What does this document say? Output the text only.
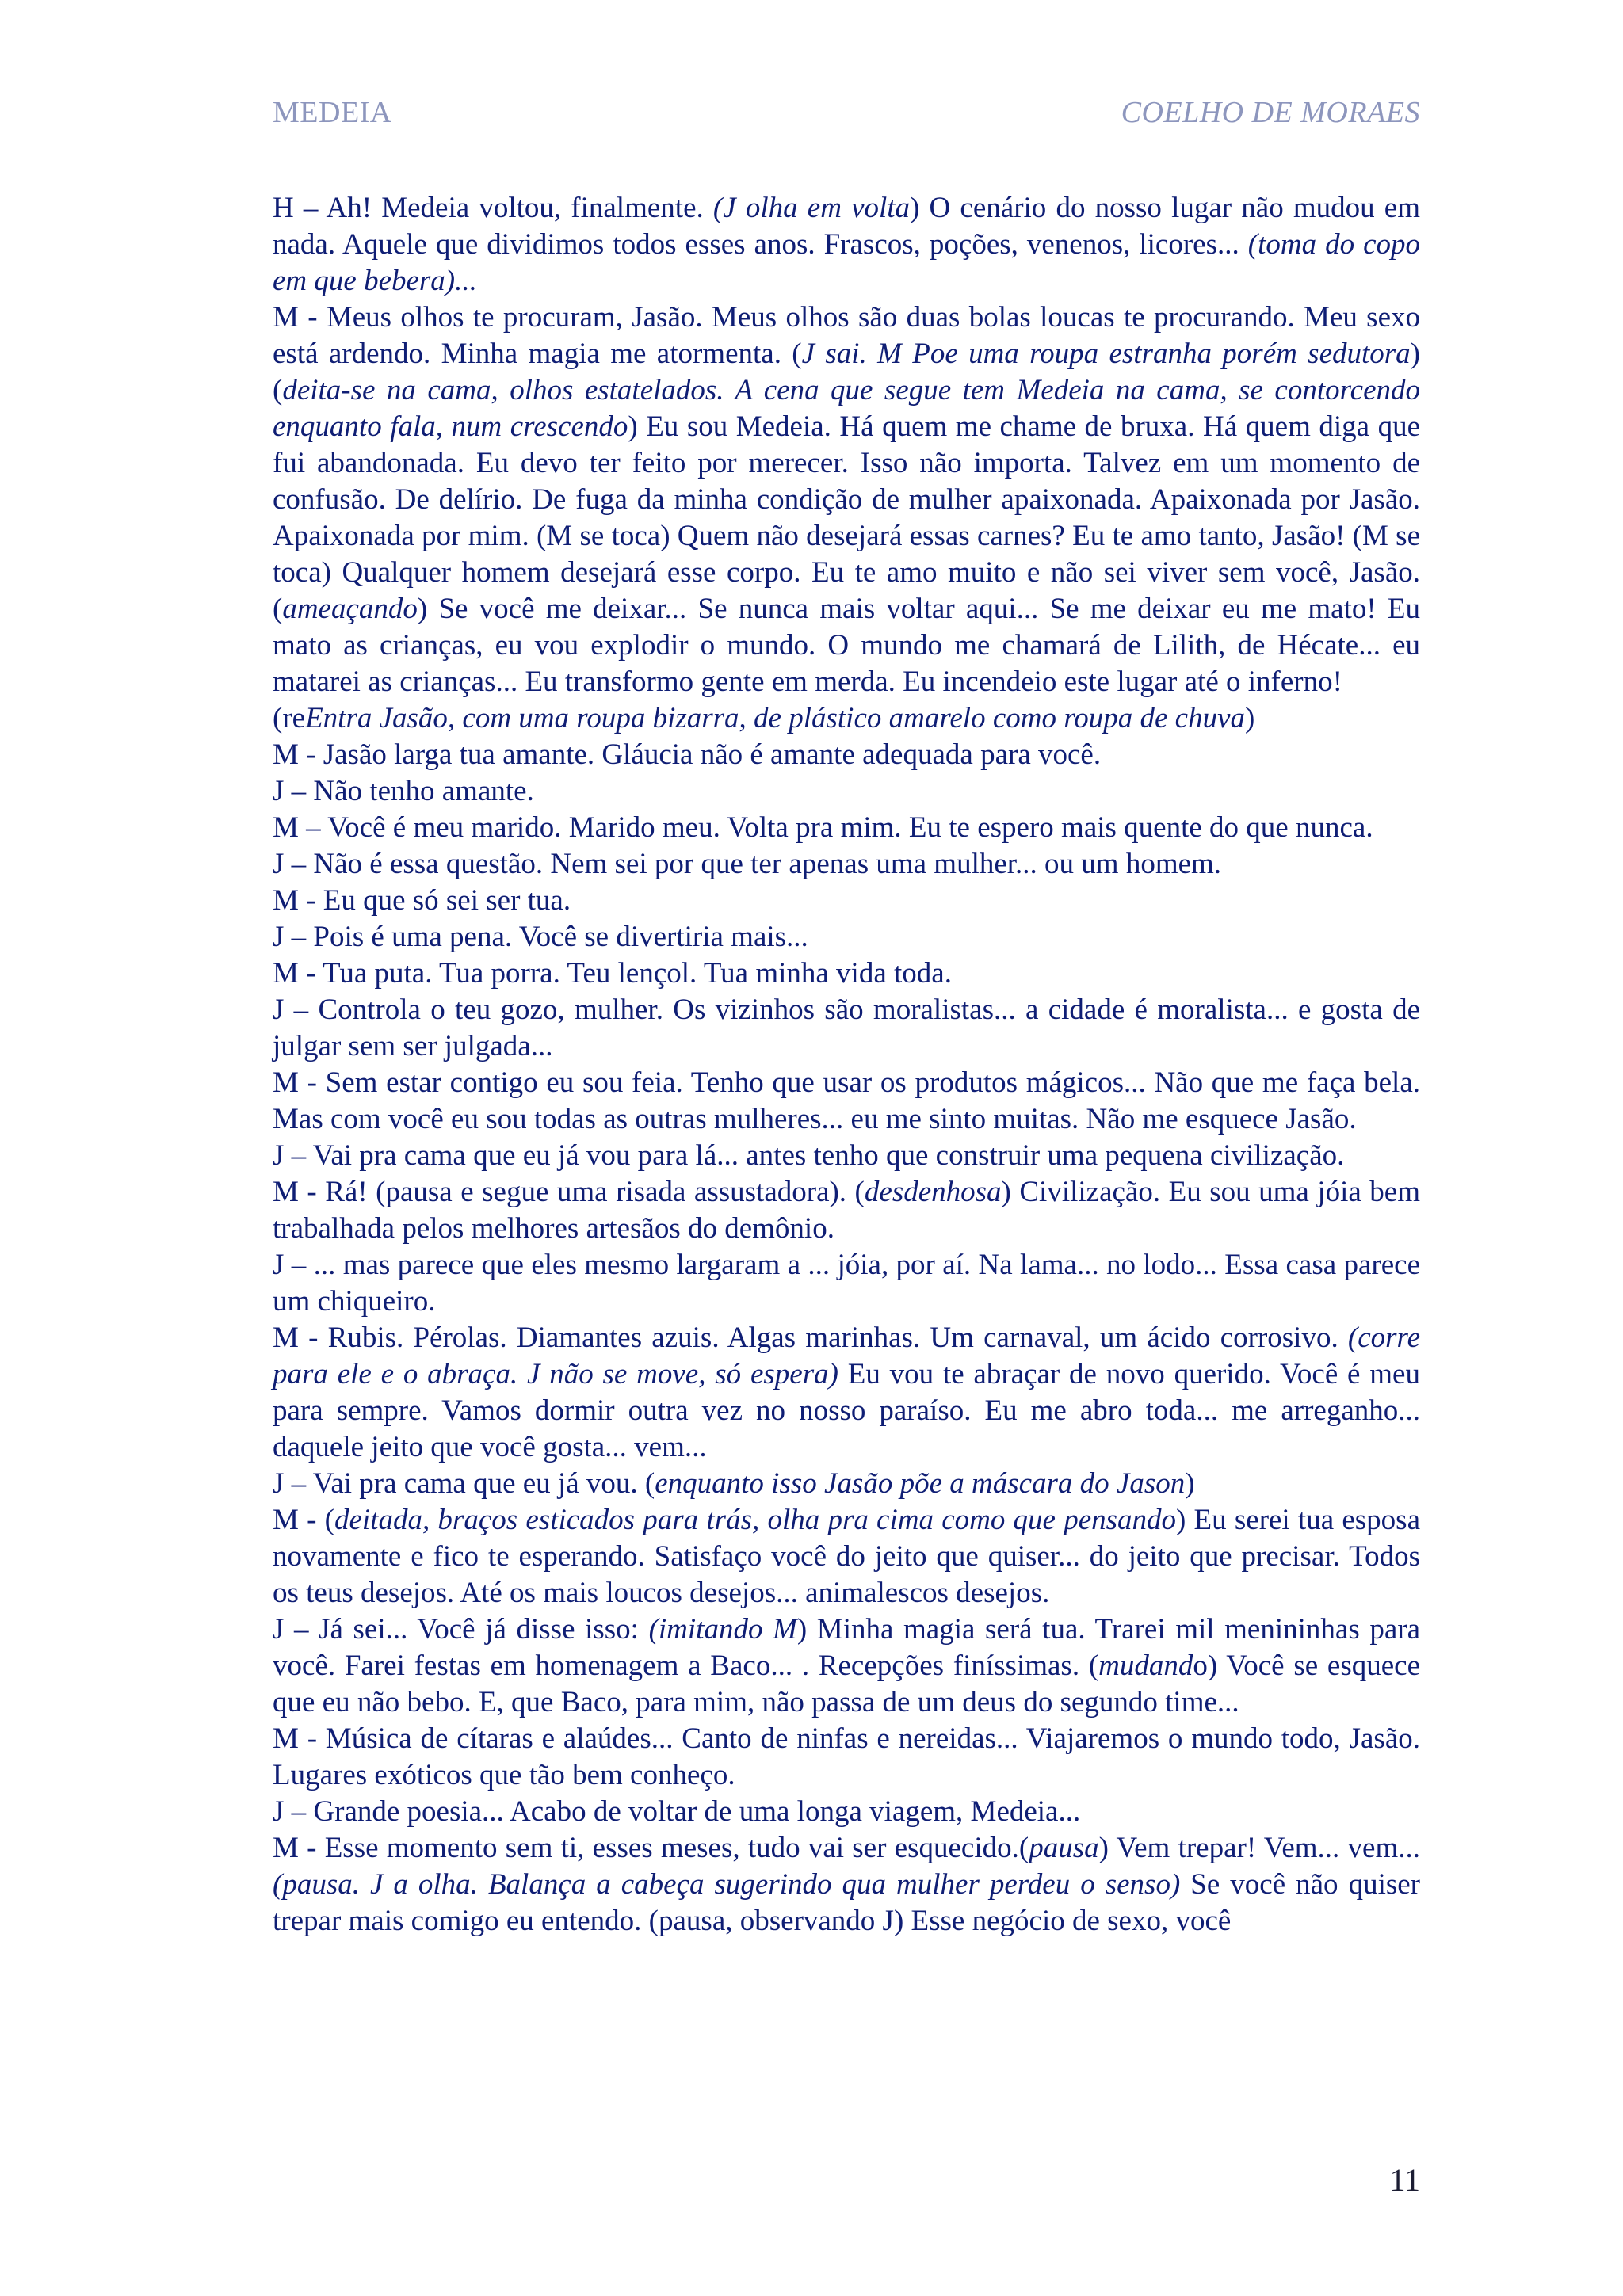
MEDEIA	COELHO DE MORAES

H – Ah! Medeia voltou, finalmente. (J olha em volta) O cenário do nosso lugar não mudou em nada. Aquele que dividimos todos esses anos. Frascos, poções, venenos, licores... (toma do copo em que bebera)...

M - Meus olhos te procuram, Jasão. Meus olhos são duas bolas loucas te procurando. Meu sexo está ardendo. Minha magia me atormenta. (J sai. M Poe uma roupa estranha porém sedutora) (deita-se na cama, olhos estatelados. A cena que segue tem Medeia na cama, se contorcendo enquanto fala, num crescendo) Eu sou Medeia. Há quem me chame de bruxa. Há quem diga que fui abandonada. Eu devo ter feito por merecer. Isso não importa. Talvez em um momento de confusão. De delírio. De fuga da minha condição de mulher apaixonada. Apaixonada por Jasão. Apaixonada por mim. (M se toca) Quem não desejará essas carnes? Eu te amo tanto, Jasão! (M se toca) Qualquer homem desejará esse corpo. Eu te amo muito e não sei viver sem você, Jasão. (ameaçando) Se você me deixar... Se nunca mais voltar aqui... Se me deixar eu me mato! Eu mato as crianças, eu vou explodir o mundo. O mundo me chamará de Lilith, de Hécate... eu matarei as crianças... Eu transformo gente em merda. Eu incendeio este lugar até o inferno!

(reEntra Jasão, com uma roupa bizarra, de plástico amarelo como roupa de chuva)

M - Jasão larga tua amante. Gláucia não é amante adequada para você.

J – Não tenho amante.

M – Você é meu marido. Marido meu. Volta pra mim. Eu te espero mais quente do que nunca.

J – Não é essa questão. Nem sei por que ter apenas uma mulher... ou um homem.

M - Eu que só sei ser tua.

J – Pois é uma pena. Você se divertiria mais...

M - Tua puta. Tua porra. Teu lençol. Tua minha vida toda.

J – Controla o teu gozo, mulher. Os vizinhos são moralistas... a cidade é moralista... e gosta de julgar sem ser julgada...

M - Sem estar contigo eu sou feia. Tenho que usar os produtos mágicos... Não que me faça bela. Mas com você eu sou todas as outras mulheres... eu me sinto muitas. Não me esquece Jasão.

J – Vai pra cama que eu já vou para lá... antes tenho que construir uma pequena civilização.

M - Rá! (pausa e segue uma risada assustadora). (desdenhosa) Civilização. Eu sou uma jóia bem trabalhada pelos melhores artesãos do demônio.

J – ... mas parece que eles mesmo largaram a ... jóia, por aí. Na lama... no lodo... Essa casa parece um chiqueiro.

M - Rubis. Pérolas. Diamantes azuis. Algas marinhas. Um carnaval, um ácido corrosivo. (corre para ele e o abraça. J não se move, só espera) Eu vou te abraçar de novo querido. Você é meu para sempre. Vamos dormir outra vez no nosso paraíso. Eu me abro toda... me arreganho... daquele jeito que você gosta... vem...

J – Vai pra cama que eu já vou. (enquanto isso Jasão põe a máscara do Jason)

M - (deitada, braços esticados para trás, olha pra cima como que pensando) Eu serei tua esposa novamente e fico te esperando. Satisfaço você do jeito que quiser... do jeito que precisar. Todos os teus desejos. Até os mais loucos desejos... animalescos desejos.

J – Já sei... Você já disse isso: (imitando M) Minha magia será tua. Trarei mil menininhas para você. Farei festas em homenagem a Baco... . Recepções finíssimas. (mudando) Você se esquece que eu não bebo. E, que Baco, para mim, não passa de um deus do segundo time...

M - Música de cítaras e alaúdes... Canto de ninfas e nereidas... Viajaremos o mundo todo, Jasão. Lugares exóticos que tão bem conheço.

J – Grande poesia... Acabo de voltar de uma longa viagem, Medeia...

M - Esse momento sem ti, esses meses, tudo vai ser esquecido.(pausa) Vem trepar! Vem... vem... (pausa. J a olha. Balança a cabeça sugerindo qua mulher perdeu o senso) Se você não quiser trepar mais comigo eu entendo. (pausa, observando J) Esse negócio de sexo, você

11
